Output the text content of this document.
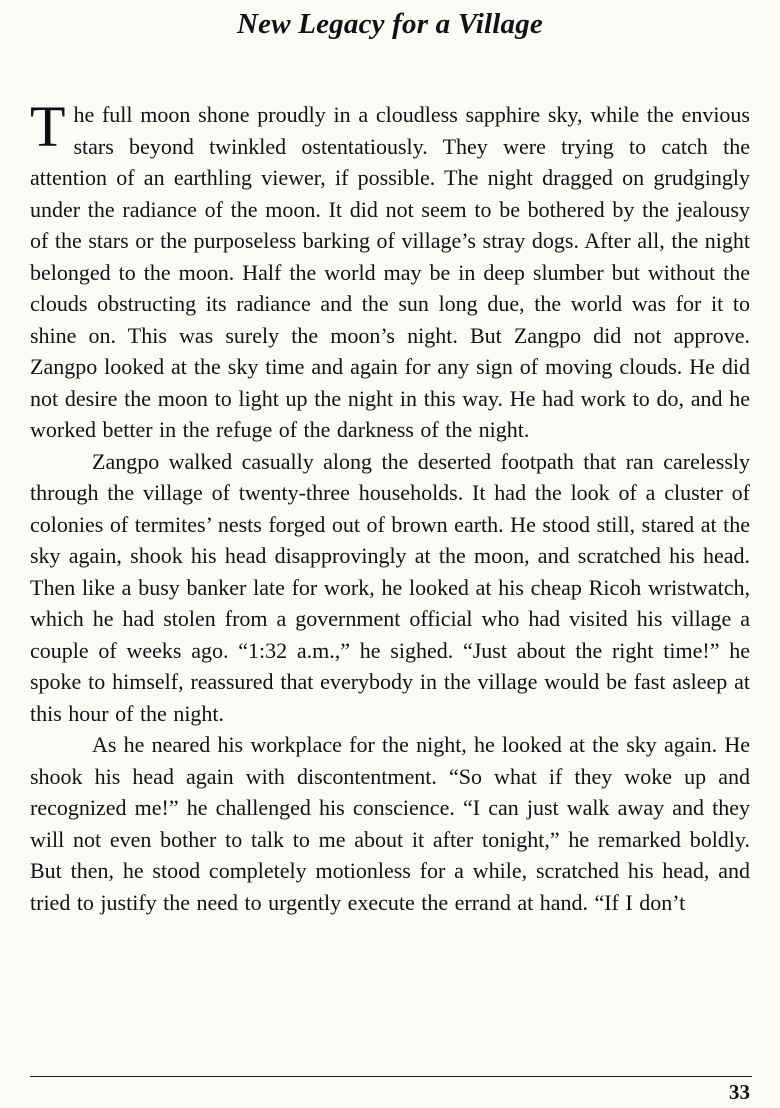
New Legacy for a Village

The full moon shone proudly in a cloudless sapphire sky, while the envious stars beyond twinkled ostentatiously. They were trying to catch the attention of an earthling viewer, if possible. The night dragged on grudgingly under the radiance of the moon. It did not seem to be bothered by the jealousy of the stars or the purposeless barking of village’s stray dogs. After all, the night belonged to the moon. Half the world may be in deep slumber but without the clouds obstructing its radiance and the sun long due, the world was for it to shine on. This was surely the moon’s night. But Zangpo did not approve. Zangpo looked at the sky time and again for any sign of moving clouds. He did not desire the moon to light up the night in this way. He had work to do, and he worked better in the refuge of the darkness of the night.

Zangpo walked casually along the deserted footpath that ran carelessly through the village of twenty-three households. It had the look of a cluster of colonies of termites’ nests forged out of brown earth. He stood still, stared at the sky again, shook his head disapprovingly at the moon, and scratched his head. Then like a busy banker late for work, he looked at his cheap Ricoh wristwatch, which he had stolen from a government official who had visited his village a couple of weeks ago. “1:32 a.m.,” he sighed. “Just about the right time!” he spoke to himself, reassured that everybody in the village would be fast asleep at this hour of the night.

As he neared his workplace for the night, he looked at the sky again. He shook his head again with discontentment. “So what if they woke up and recognized me!” he challenged his conscience. “I can just walk away and they will not even bother to talk to me about it after tonight,” he remarked boldly. But then, he stood completely motionless for a while, scratched his head, and tried to justify the need to urgently execute the errand at hand. “If I don’t

33
